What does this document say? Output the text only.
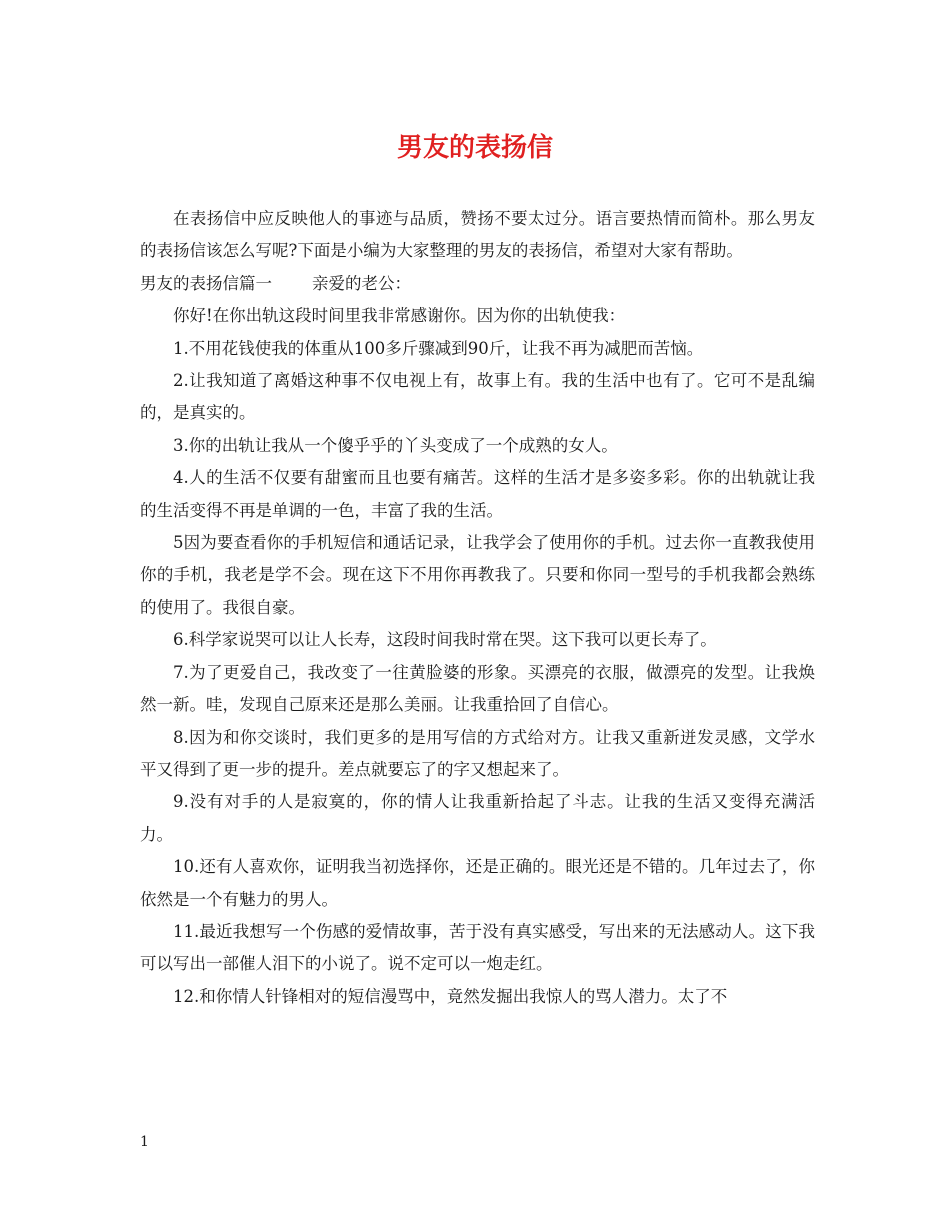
男友的表扬信

在表扬信中应反映他人的事迹与品质，赞扬不要太过分。语言要热情而简朴。那么男友的表扬信该怎么写呢?下面是小编为大家整理的男友的表扬信，希望对大家有帮助。

男友的表扬信篇一 亲爱的老公：

你好!在你出轨这段时间里我非常感谢你。因为你的出轨使我：

1.不用花钱使我的体重从100多斤骤减到90斤，让我不再为减肥而苦恼。

2.让我知道了离婚这种事不仅电视上有，故事上有。我的生活中也有了。它可不是乱编的，是真实的。

3.你的出轨让我从一个傻乎乎的丫头变成了一个成熟的女人。

4.人的生活不仅要有甜蜜而且也要有痛苦。这样的生活才是多姿多彩。你的出轨就让我的生活变得不再是单调的一色，丰富了我的生活。

5因为要查看你的手机短信和通话记录，让我学会了使用你的手机。过去你一直教我使用你的手机，我老是学不会。现在这下不用你再教我了。只要和你同一型号的手机我都会熟练的使用了。我很自豪。

6.科学家说哭可以让人长寿，这段时间我时常在哭。这下我可以更长寿了。

7.为了更爱自己，我改变了一往黄脸婆的形象。买漂亮的衣服，做漂亮的发型。让我焕然一新。哇，发现自己原来还是那么美丽。让我重拾回了自信心。

8.因为和你交谈时，我们更多的是用写信的方式给对方。让我又重新迸发灵感，文学水平又得到了更一步的提升。差点就要忘了的字又想起来了。

9.没有对手的人是寂寞的，你的情人让我重新拾起了斗志。让我的生活又变得充满活力。

10.还有人喜欢你，证明我当初选择你，还是正确的。眼光还是不错的。几年过去了，你依然是一个有魅力的男人。

11.最近我想写一个伤感的爱情故事，苦于没有真实感受，写出来的无法感动人。这下我可以写出一部催人泪下的小说了。说不定可以一炮走红。

12.和你情人针锋相对的短信漫骂中，竟然发掘出我惊人的骂人潜力。太了不

1
